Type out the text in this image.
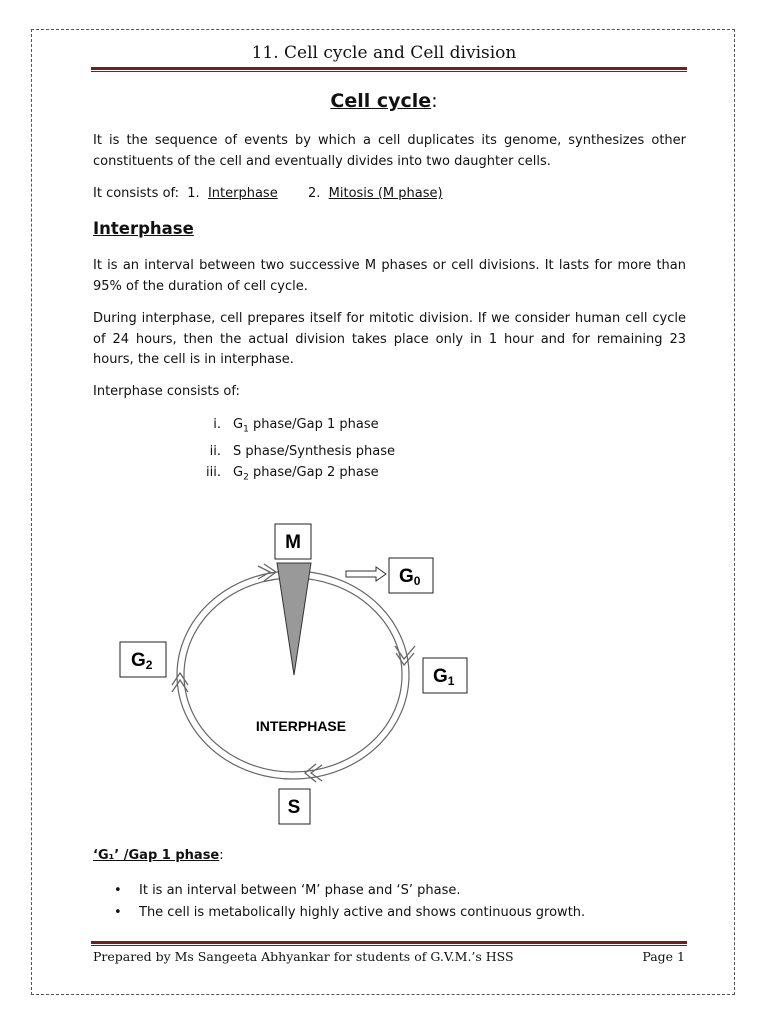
11. Cell cycle and Cell division
Cell cycle:
It is the sequence of events by which a cell duplicates its genome, synthesizes other constituents of the cell and eventually divides into two daughter cells.
It consists of: 1. Interphase 2. Mitosis (M phase)
Interphase
It is an interval between two successive M phases or cell divisions. It lasts for more than 95% of the duration of cell cycle.
During interphase, cell prepares itself for mitotic division. If we consider human cell cycle of 24 hours, then the actual division takes place only in 1 hour and for remaining 23 hours, the cell is in interphase.
Interphase consists of:
i. $G_1$ phase/Gap 1 phase
ii. S phase/Synthesis phase
iii. $G_2$ phase/Gap 2 phase
M
G0
G1
G2
S
INTERPHASE
‘G₁’ /Gap 1 phase:
•	It is an interval between ‘M’ phase and ‘S’ phase.
•	The cell is metabolically highly active and shows continuous growth.
Prepared by Ms Sangeeta Abhyankar for students of G.V.M.’s HSS	Page 1
